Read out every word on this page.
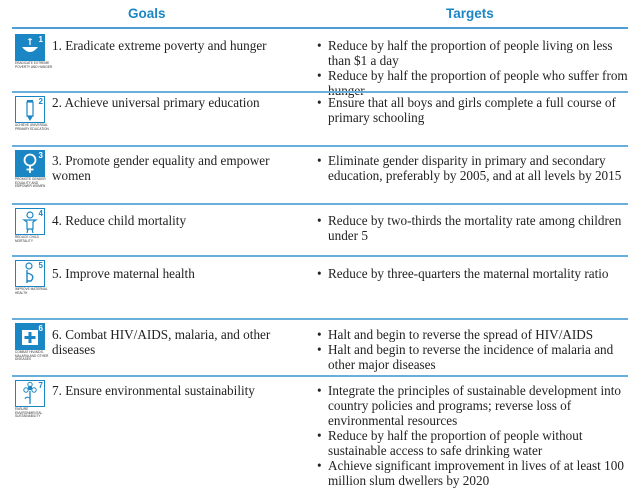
Goals	Targets
1
ERADICATE EXTREME POVERTY AND HUNGER
1. Eradicate extreme poverty and hunger	• Reduce by half the proportion of people living on less than $1 a day
• Reduce by half the proportion of people who suffer from
2
ACHIEVE UNIVERSAL PRIMARY EDUCATION
2. Achieve universal primary education	• Ensure that all boys and girls complete a full course of primary schooling
3
PROMOTE GENDER EQUALITY AND EMPOWER WOMEN
3. Promote gender equality and empower women
• Eliminate gender disparity in primary and secondary education, preferably by 2005, and at all levels by 2015
4
REDUCE CHILD MORTALITY
4. Reduce child mortality	• Reduce by two-thirds the mortality rate among children under 5
5
IMPROVE MATERNAL HEALTH
5. Improve maternal health	• Reduce by three-quarters the maternal mortality ratio
6
COMBAT HIV/AIDS, MALARIA AND OTHER DISEASES
6. Combat HIV/AIDS, malaria, and other diseases
• Halt and begin to reverse the spread of HIV/AIDS
• Halt and begin to reverse the incidence of malaria and other major diseases
7
ENSURE ENVIRONMENTAL SUSTAINABILITY
7. Ensure environmental sustainability	• Integrate the principles of sustainable development into country policies and programs; reverse loss of environmental resources
• Reduce by half the proportion of people without sustainable access to safe drinking water
• Achieve significant improvement in lives of at least 100 million slum dwellers by 2020
